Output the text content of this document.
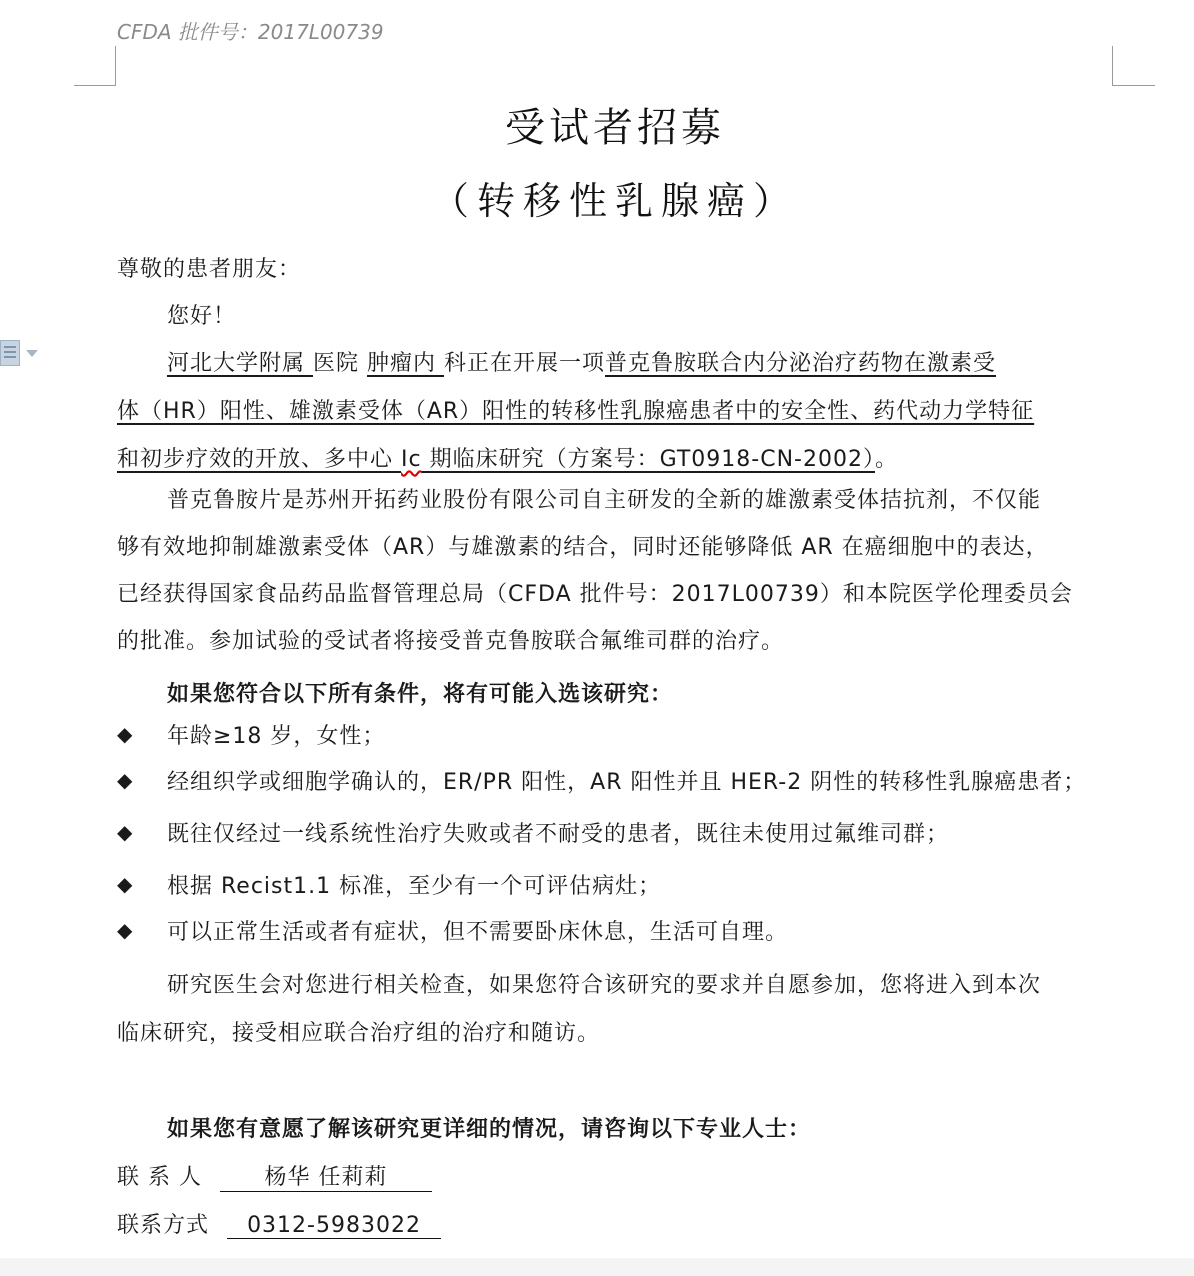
CFDA 批件号：2017L00739
受试者招募
（转移性乳腺癌）
尊敬的患者朋友：
您好！
河北大学附属 医院 肿瘤内 科正在开展一项普克鲁胺联合内分泌治疗药物在激素受
体（HR）阳性、雄激素受体（AR）阳性的转移性乳腺癌患者中的安全性、药代动力学特征
和初步疗效的开放、多中心 Ic 期临床研究（方案号：GT0918-CN-2002）。
普克鲁胺片是苏州开拓药业股份有限公司自主研发的全新的雄激素受体拮抗剂，不仅能
够有效地抑制雄激素受体（AR）与雄激素的结合，同时还能够降低 AR 在癌细胞中的表达，
已经获得国家食品药品监督管理总局（CFDA 批件号：2017L00739）和本院医学伦理委员会
的批准。参加试验的受试者将接受普克鲁胺联合氟维司群的治疗。
如果您符合以下所有条件，将有可能入选该研究：
◆ 年龄≥18 岁，女性；
◆ 经组织学或细胞学确认的，ER/PR 阳性，AR 阳性并且 HER-2 阴性的转移性乳腺癌患者；
◆ 既往仅经过一线系统性治疗失败或者不耐受的患者，既往未使用过氟维司群；
◆ 根据 Recist1.1 标准，至少有一个可评估病灶；
◆ 可以正常生活或者有症状，但不需要卧床休息，生活可自理。
研究医生会对您进行相关检查，如果您符合该研究的要求并自愿参加，您将进入到本次
临床研究，接受相应联合治疗组的治疗和随访。
如果您有意愿了解该研究更详细的情况，请咨询以下专业人士：
联 系 人	杨华 任莉莉
联系方式 0312-5983022
